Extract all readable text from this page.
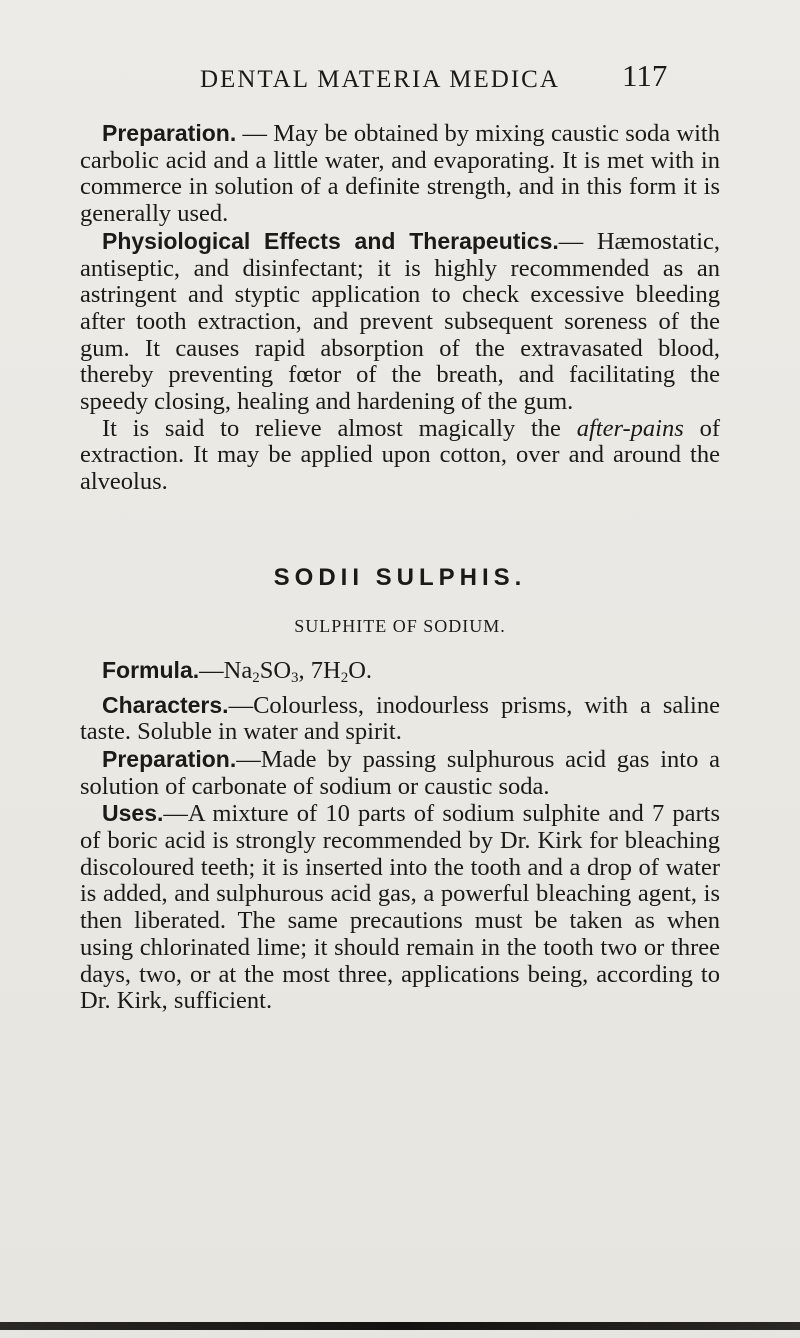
DENTAL MATERIA MEDICA 117

Preparation. — May be obtained by mixing caustic soda with carbolic acid and a little water, and evaporating. It is met with in commerce in solution of a definite strength, and in this form it is generally used.

Physiological Effects and Therapeutics.— Hæmostatic, antiseptic, and disinfectant; it is highly recommended as an astringent and styptic application to check excessive bleeding after tooth extraction, and prevent subsequent soreness of the gum. It causes rapid absorption of the extravasated blood, thereby preventing fœtor of the breath, and facilitating the speedy closing, healing and hardening of the gum.

It is said to relieve almost magically the after-pains of extraction. It may be applied upon cotton, over and around the alveolus.

SODII SULPHIS.
SULPHITE OF SODIUM.

$Formula.—Na_2SO_3$, $7H_2O$.

Characters.—Colourless, inodourless prisms, with a saline taste. Soluble in water and spirit.

Preparation.—Made by passing sulphurous acid gas into a solution of carbonate of sodium or caustic soda.

Uses.—A mixture of 10 parts of sodium sulphite and 7 parts of boric acid is strongly recommended by Dr. Kirk for bleaching discoloured teeth; it is inserted into the tooth and a drop of water is added, and sulphurous acid gas, a powerful bleaching agent, is then liberated. The same precautions must be taken as when using chlorinated lime; it should remain in the tooth two or three days, two, or at the most three, applications being, according to Dr. Kirk, sufficient.
